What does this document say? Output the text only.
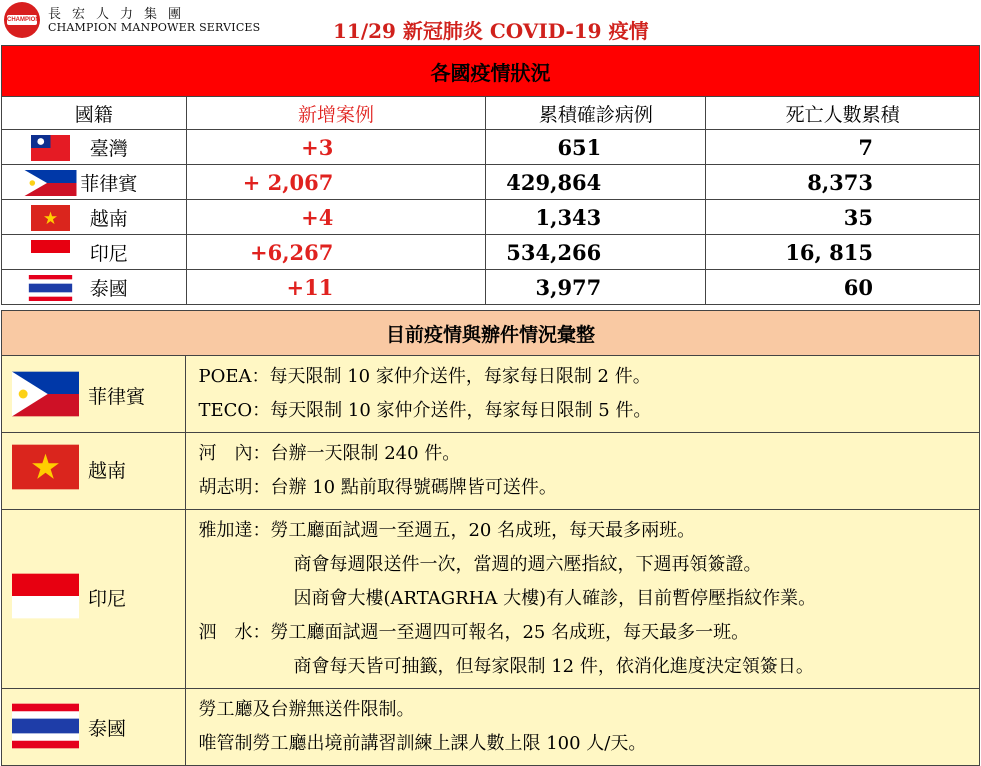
CHAMPION 長宏人力集團
CHAMPION MANPOWER SERVICES	11/29 新冠肺炎 COVID-19 疫情
各國疫情狀況			
國籍	新增案例	累積確診病例	死亡人數累積

臺灣	+3	651	7

菲律賓	+ 2,067	429,864	8,373

越南	+4	1,343	35

印尼	+6,267	534,266	16, 815

泰國	+11	3,977	60
目前疫情與辦件情況彙整	

菲律賓	POEA：每天限制 10 家仲介送件，每家每日限制 2 件。
TECO：每天限制 10 家仲介送件，每家每日限制 5 件。

越南	河　內：台辦一天限制 240 件。
胡志明：台辦 10 點前取得號碼牌皆可送件。

印尼	雅加達：勞工廳面試週一至週五，20 名成班，每天最多兩班。
商會每週限送件一次，當週的週六壓指紋，下週再領簽證。
因商會大樓(ARTAGRHA 大樓)有人確診，目前暫停壓指紋作業。
泗　水：勞工廳面試週一至週四可報名，25 名成班，每天最多一班。
商會每天皆可抽籤，但每家限制 12 件，依消化進度決定領簽日。

泰國	勞工廳及台辦無送件限制。
唯管制勞工廳出境前講習訓練上課人數上限 100 人/天。
